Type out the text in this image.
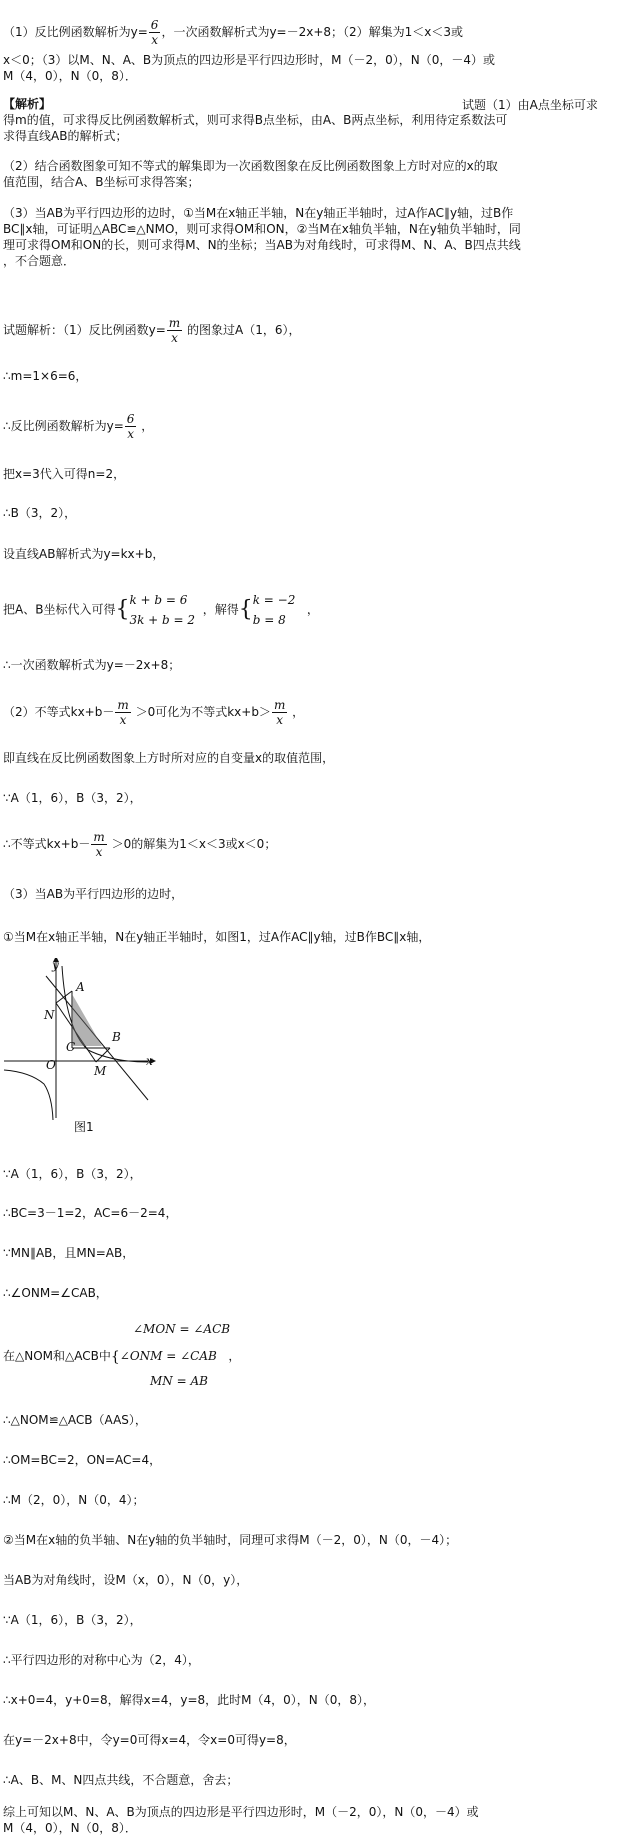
（1）反比例函数解析为$y= \frac{6}{x}$ ，一次函数解析式为y=－2x+8；（2）解集为1＜x＜3或
x＜0；（3）以M、N、A、B为顶点的四边形是平行四边形时，M（－2，0），N（0，－4）或
M（4，0），N（0，8）．
【解析】	试题（1）由A点坐标可求
得m的值，可求得反比例函数解析式，则可求得B点坐标，由A、B两点坐标，利用待定系数法可
求得直线AB的解析式；
（2）结合函数图象可知不等式的解集即为一次函数图象在反比例函数图象上方时对应的x的取
值范围，结合A、B坐标可求得答案；
（3）当AB为平行四边形的边时，①当M在x轴正半轴，N在y轴正半轴时，过A作AC∥y轴，过B作
BC∥x轴，可证明△ABC≌△NMO，则可求得OM和ON，②当M在x轴负半轴，N在y轴负半轴时，同
理可求得OM和ON的长，则可求得M、N的坐标；当AB为对角线时，可求得M、N、A、B四点共线
，不合题意．
试题解析：（1）反比例函数$y= \frac{m}{x}$ 的图象过A（1，6），
∴m=1×6=6，
∴反比例函数解析为$y= \frac{6}{x}$ ，
把x=3代入可得n=2，
∴B（3，2），
设直线AB解析式为y=kx+b，
把A、B坐标代入可得{ k + b = 6
3k + b = 2
，解得{ k = −2
b = 8
，
∴一次函数解析式为y=－2x+8；
（2）不等式$kx+b- \frac{m}{x} >0$可化为不等式$kx+b> \frac{m}{x}$ ，
即直线在反比例函数图象上方时所对应的自变量x的取值范围，
∵A（1，6），B（3，2），
∴不等式$kx+b- \frac{m}{x} >0$的解集为1＜x＜3或x＜0；
（3）当AB为平行四边形的边时，
①当M在x轴正半轴，N在y轴正半轴时，如图1，过A作AC∥y轴，过B作BC∥x轴，
y
x
A
B
C
N
O	M
图1
∵A（1，6），B（3，2），
∴BC=3－1=2，AC=6－2=4，
∵MN∥AB，且MN=AB，
∴∠ONM=∠CAB，
∠MON = ∠ACB
在△NOM和△ACB中{∠ONM = ∠CAB ，
MN = AB
∴△NOM≌△ACB（AAS），
∴OM=BC=2，ON=AC=4，
∴M（2，0），N（0，4）；
②当M在x轴的负半轴、N在y轴的负半轴时，同理可求得M（－2，0），N（0，－4）；
当AB为对角线时，设M（x，0），N（0，y），
∵A（1，6），B（3，2），
∴平行四边形的对称中心为（2，4），
∴x+0=4，y+0=8，解得x=4，y=8，此时M（4，0），N（0，8），
在y=－2x+8中，令y=0可得x=4，令x=0可得y=8，
∴A、B、M、N四点共线，不合题意，舍去；
综上可知以M、N、A、B为顶点的四边形是平行四边形时，M（－2，0），N（0，－4）或
M（4，0），N（0，8）．
